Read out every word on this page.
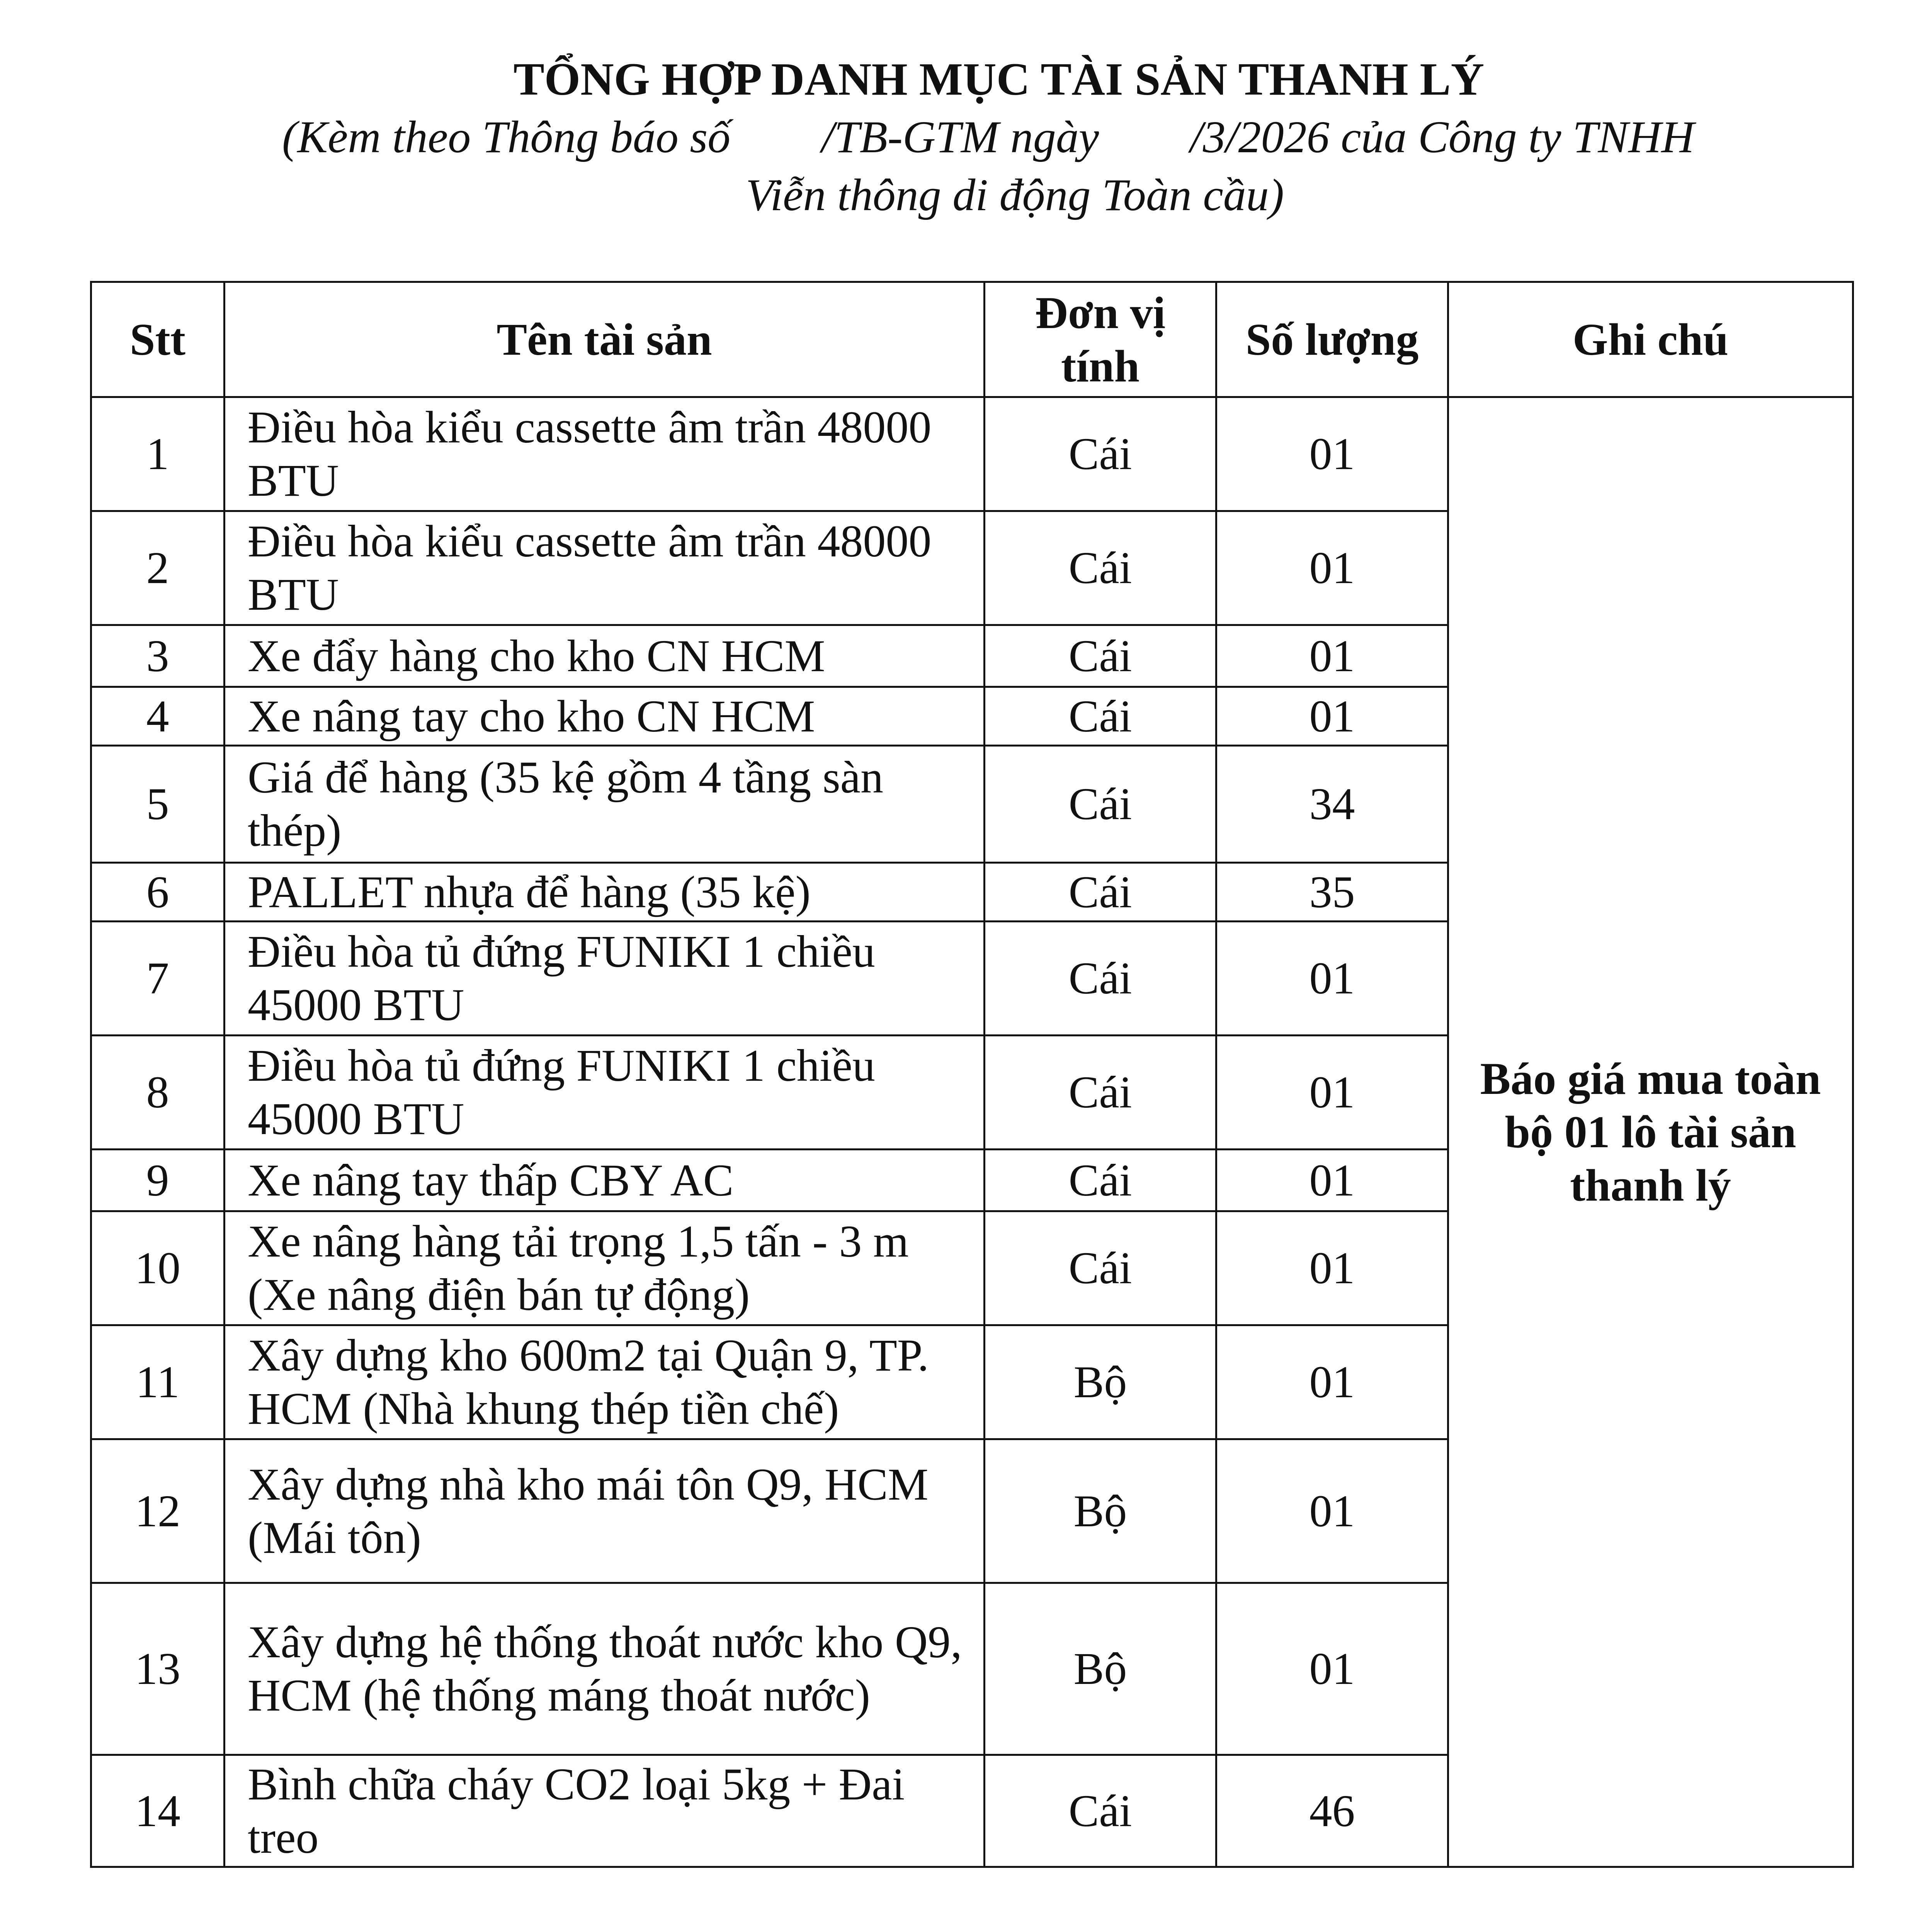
TỔNG HỢP DANH MỤC TÀI SẢN THANH LÝ
(Kèm theo Thông báo số        /TB-GTM ngày        /3/2026 của Công ty TNHH
Viễn thông di động Toàn cầu)
Stt	Tên tài sản	Đơn vị tính	Số lượng	Ghi chú
1	Điều hòa kiểu cassette âm trần 48000 BTU	Cái	01	Báo giá mua toàn bộ 01 lô tài sản thanh lý
2	Điều hòa kiểu cassette âm trần 48000 BTU	Cái	01	
3	Xe đẩy hàng cho kho CN HCM	Cái	01	
4	Xe nâng tay cho kho CN HCM	Cái	01	
5	Giá để hàng (35 kệ gồm 4 tầng sàn thép)	Cái	34	
6	PALLET nhựa để hàng (35 kệ)	Cái	35	
7	Điều hòa tủ đứng FUNIKI 1 chiều 45000 BTU	Cái	01	
8	Điều hòa tủ đứng FUNIKI 1 chiều 45000 BTU	Cái	01	
9	Xe nâng tay thấp CBY AC	Cái	01	
10	Xe nâng hàng tải trọng 1,5 tấn - 3 m (Xe nâng điện bán tự động)	Cái	01	
11	Xây dựng kho 600m2 tại Quận 9, TP. HCM (Nhà khung thép tiền chế)	Bộ	01	
12	Xây dựng nhà kho mái tôn Q9, HCM (Mái tôn)	Bộ	01	
13	Xây dựng hệ thống thoát nước kho Q9, HCM (hệ thống máng thoát nước)	Bộ	01	
14	Bình chữa cháy CO2 loại 5kg + Đai treo	Cái	46	
